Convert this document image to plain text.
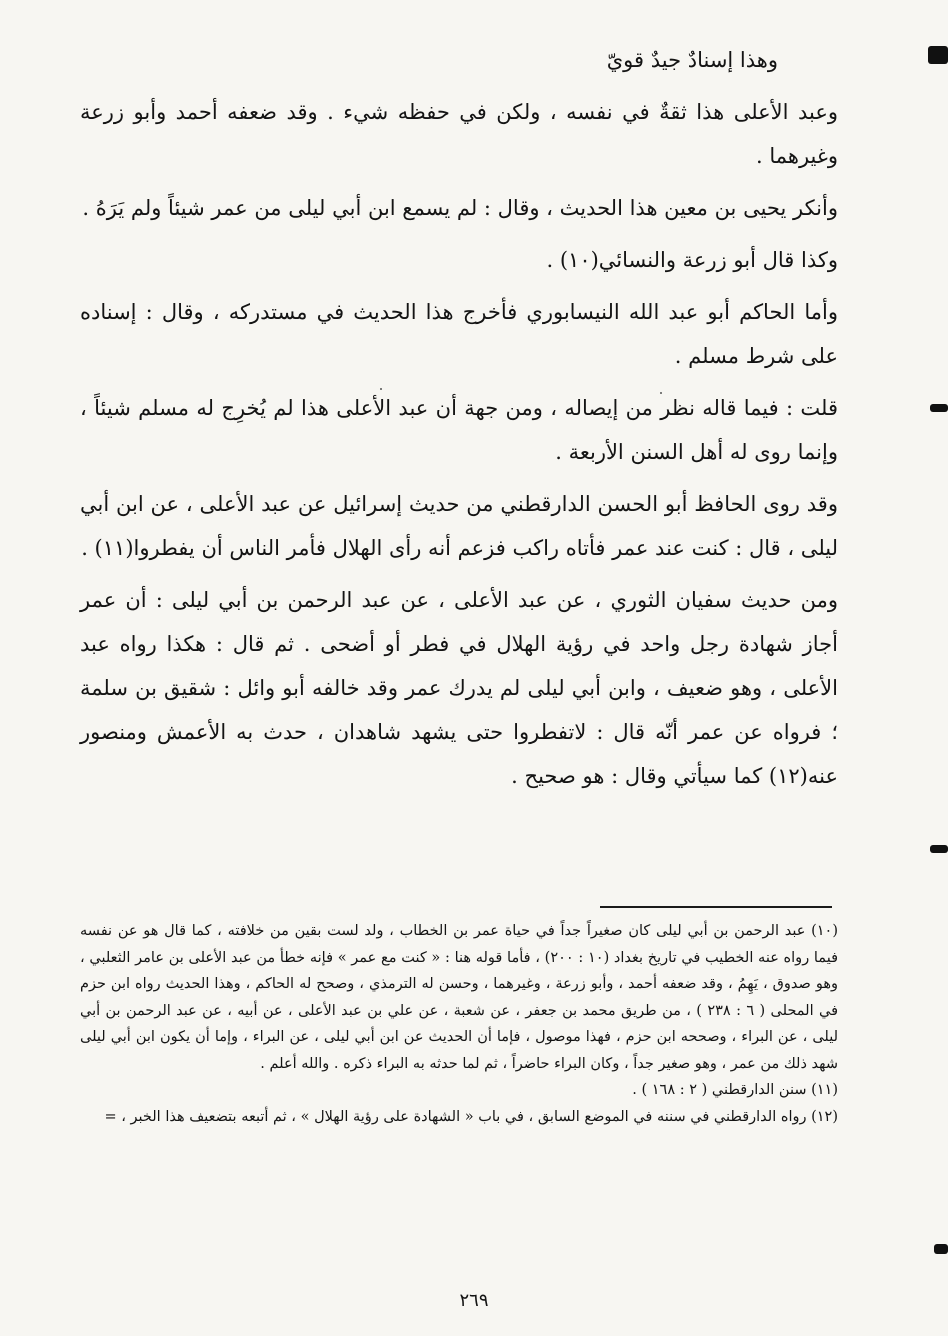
وهذا إسنادٌ جيدٌ قويّ

وعبد الأعلى هذا ثقةٌ في نفسه ، ولكن في حفظه شيء . وقد ضعفه أحمد وأبو زرعة وغيرهما .

وأنكر يحيى بن معين هذا الحديث ، وقال : لم يسمع ابن أبي ليلى من عمر شيئاً ولم يَرَهُ .

وكذا قال أبو زرعة والنسائي(١٠) .

وأما الحاكم أبو عبد الله النيسابوري فأخرج هذا الحديث في مستدركه ، وقال : إسناده على شرط مسلم .

قلت : فيما قاله نظر من إيصاله ، ومن جهة أن عبد الأعلى هذا لم يُخرِج له مسلم شيئاً ، وإنما روى له أهل السنن الأربعة .

وقد روى الحافظ أبو الحسن الدارقطني من حديث إسرائيل عن عبد الأعلى ، عن ابن أبي ليلى ، قال : كنت عند عمر فأتاه راكب فزعم أنه رأى الهلال فأمر الناس أن يفطروا(١١) .

ومن حديث سفيان الثوري ، عن عبد الأعلى ، عن عبد الرحمن بن أبي ليلى : أن عمر أجاز شهادة رجل واحد في رؤية الهلال في فطر أو أضحى . ثم قال : هكذا رواه عبد الأعلى ، وهو ضعيف ، وابن أبي ليلى لم يدرك عمر وقد خالفه أبو وائل : شقيق بن سلمة ؛ فرواه عن عمر أنّه قال : لاتفطروا حتى يشهد شاهدان ، حدث به الأعمش ومنصور عنه(١٢) كما سيأتي وقال : هو صحيح .

(١٠) عبد الرحمن بن أبي ليلى كان صغيراً جداً في حياة عمر بن الخطاب ، ولد لست بقين من خلافته ، كما قال هو عن نفسه فيما رواه عنه الخطيب في تاريخ بغداد (١٠ : ٢٠٠) ، فأما قوله هنا : « كنت مع عمر » فإنه خطأ من عبد الأعلى بن عامر الثعلبي ، وهو صدوق ، يَهِمُ ، وقد ضعفه أحمد ، وأبو زرعة ، وغيرهما ، وحسن له الترمذي ، وصحح له الحاكم ، وهذا الحديث رواه ابن حزم في المحلى ( ٦ : ٢٣٨ ) ، من طريق محمد بن جعفر ، عن شعبة ، عن علي بن عبد الأعلى ، عن أبيه ، عن عبد الرحمن بن أبي ليلى ، عن البراء ، وصححه ابن حزم ، فهذا موصول ، فإما أن الحديث عن ابن أبي ليلى ، عن البراء ، وإما أن يكون ابن أبي ليلى شهد ذلك من عمر ، وهو صغير جداً ، وكان البراء حاضراً ، ثم لما حدثه به البراء ذكره . والله أعلم .

(١١) سنن الدارقطني ( ٢ : ١٦٨ ) .

(١٢) رواه الدارقطني في سننه في الموضع السابق ، في باب « الشهادة على رؤية الهلال » ، ثم أتبعه بتضعيف هذا الخبر ، =

٢٦٩
